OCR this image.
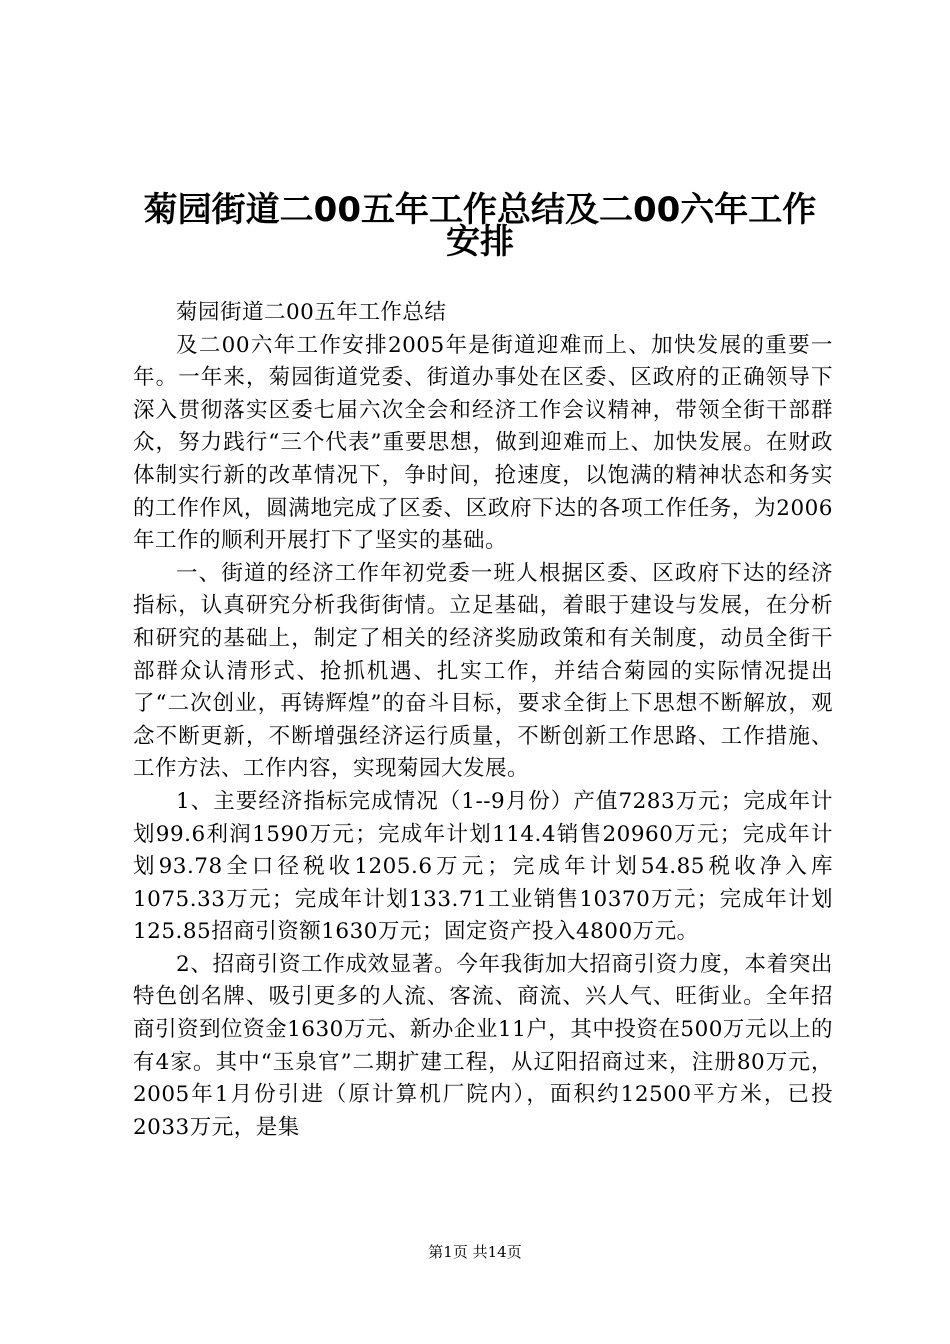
菊园街道二00五年工作总结及二00六年工作
安排

菊园街道二00五年工作总结

及二00六年工作安排2005年是街道迎难而上、加快发展的重要一年。一年来，菊园街道党委、街道办事处在区委、区政府的正确领导下深入贯彻落实区委七届六次全会和经济工作会议精神，带领全街干部群众，努力践行“三个代表”重要思想，做到迎难而上、加快发展。在财政体制实行新的改革情况下，争时间，抢速度，以饱满的精神状态和务实的工作作风，圆满地完成了区委、区政府下达的各项工作任务，为2006年工作的顺利开展打下了坚实的基础。

一、街道的经济工作年初党委一班人根据区委、区政府下达的经济指标，认真研究分析我街街情。立足基础，着眼于建设与发展，在分析和研究的基础上，制定了相关的经济奖励政策和有关制度，动员全街干部群众认清形式、抢抓机遇、扎实工作，并结合菊园的实际情况提出了“二次创业，再铸辉煌”的奋斗目标，要求全街上下思想不断解放，观念不断更新，不断增强经济运行质量，不断创新工作思路、工作措施、工作方法、工作内容，实现菊园大发展。

1、主要经济指标完成情况（1--9月份）产值7283万元；完成年计划99.6利润1590万元；完成年计划114.4销售20960万元；完成年计划93.78全口径税收1205.6万元；完成年计划54.85税收净入库1075.33万元；完成年计划133.71工业销售10370万元；完成年计划125.85招商引资额1630万元；固定资产投入4800万元。

2、招商引资工作成效显著。今年我街加大招商引资力度，本着突出特色创名牌、吸引更多的人流、客流、商流、兴人气、旺街业。全年招商引资到位资金1630万元、新办企业11户，其中投资在500万元以上的有4家。其中“玉泉官”二期扩建工程，从辽阳招商过来，注册80万元，2005年1月份引进（原计算机厂院内），面积约12500平方米，已投2033万元，是集

第1页 共14页
